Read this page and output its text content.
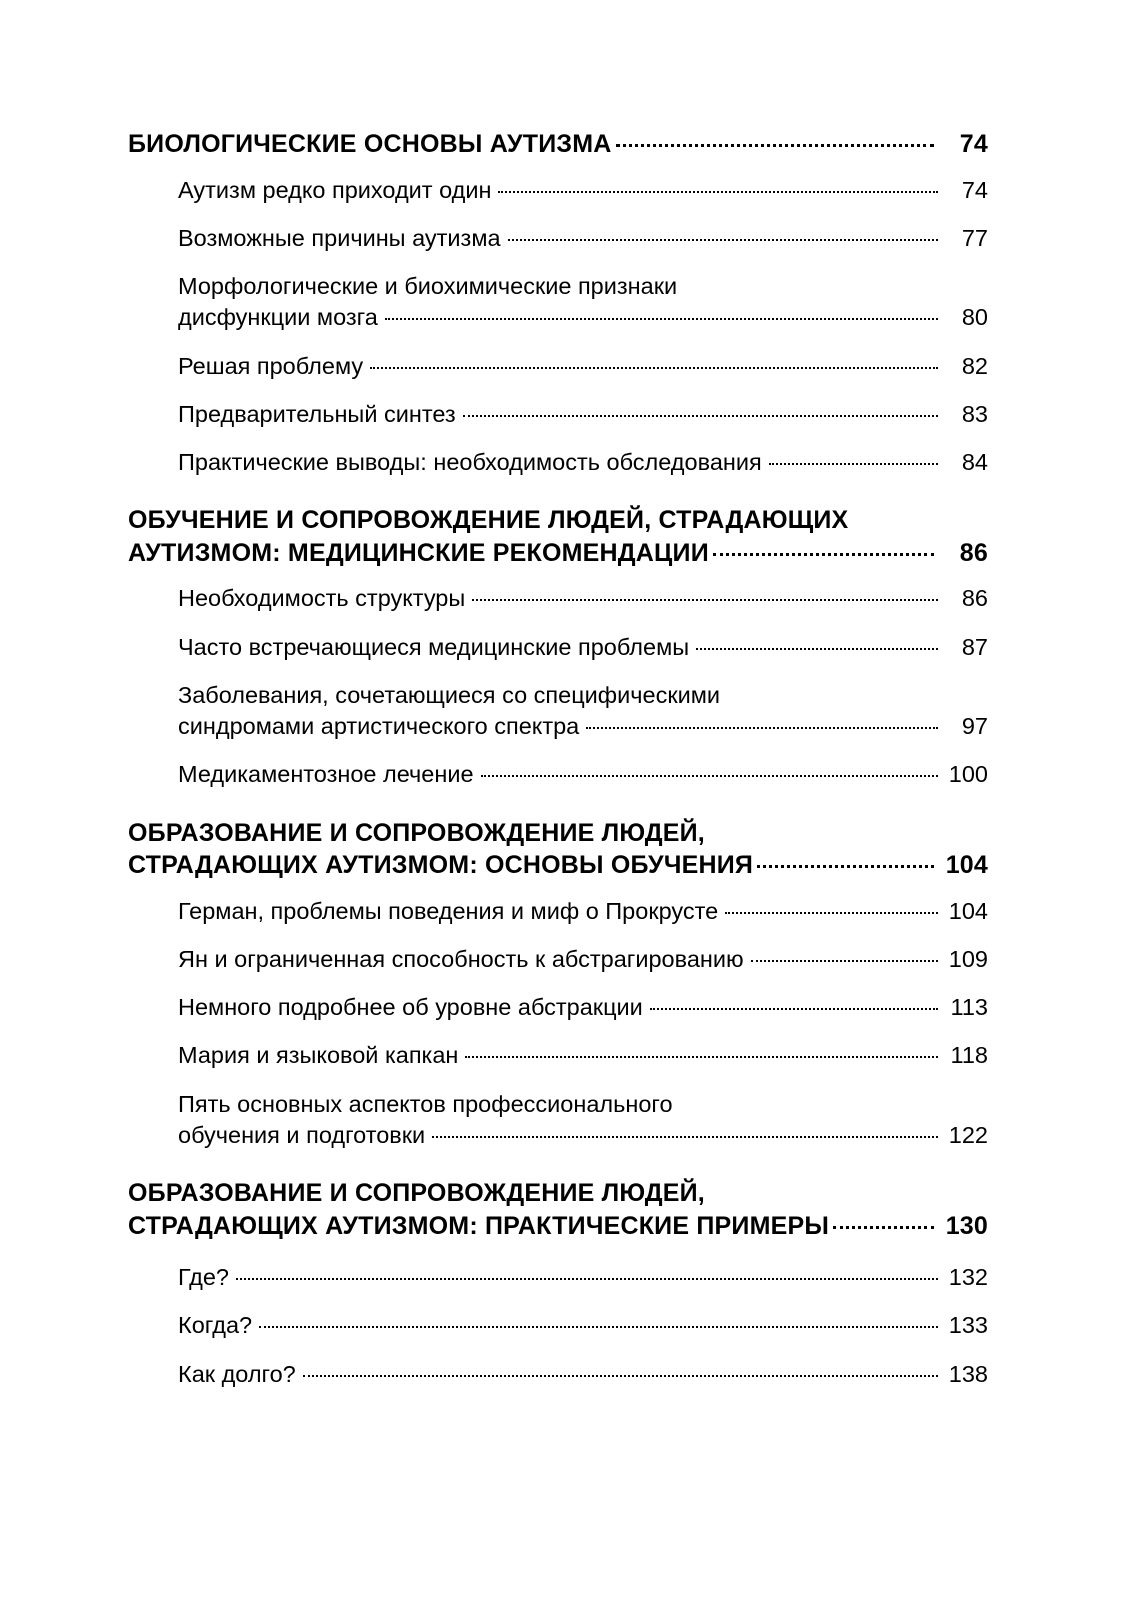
БИОЛОГИЧЕСКИЕ ОСНОВЫ АУТИЗМА	74
Аутизм редко приходит один	74
Возможные причины аутизма	77
Морфологические и биохимические признаки
дисфункции мозга	80
Решая проблему	82
Предварительный синтез	83
Практические выводы: необходимость обследования	84
ОБУЧЕНИЕ И СОПРОВОЖДЕНИЕ ЛЮДЕЙ, СТРАДАЮЩИХ
АУТИЗМОМ: МЕДИЦИНСКИЕ РЕКОМЕНДАЦИИ	86
Необходимость структуры	86
Часто встречающиеся медицинские проблемы	87
Заболевания, сочетающиеся со специфическими
синдромами артистического спектра	97
Медикаментозное лечение	100
ОБРАЗОВАНИЕ И СОПРОВОЖДЕНИЕ ЛЮДЕЙ,
СТРАДАЮЩИХ АУТИЗМОМ: ОСНОВЫ ОБУЧЕНИЯ	104
Герман, проблемы поведения и миф о Прокрусте	104
Ян и ограниченная способность к абстрагированию	109
Немного подробнее об уровне абстракции	113
Мария и языковой капкан	118
Пять основных аспектов профессионального
обучения и подготовки	122
ОБРАЗОВАНИЕ И СОПРОВОЖДЕНИЕ ЛЮДЕЙ,
СТРАДАЮЩИХ АУТИЗМОМ: ПРАКТИЧЕСКИЕ ПРИМЕРЫ	130
Где?	132
Когда?	133
Как долго?	138
